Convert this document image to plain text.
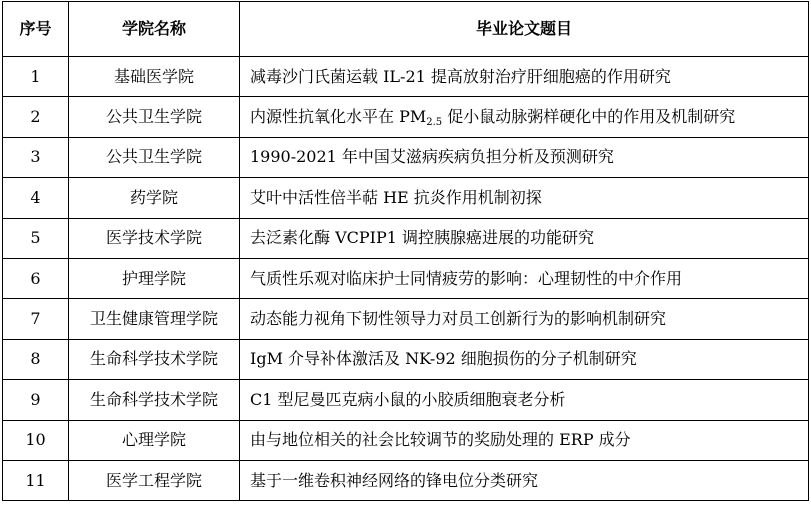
序号	学院名称	毕业论文题目
1	基础医学院	减毒沙门氏菌运载 IL-21 提高放射治疗肝细胞癌的作用研究
2	公共卫生学院	内源性抗氧化水平在 $PM_{2.5}$ 促小鼠动脉粥样硬化中的作用及机制研究
3	公共卫生学院	1990-2021 年中国艾滋病疾病负担分析及预测研究
4	药学院	艾叶中活性倍半萜 HE 抗炎作用机制初探
5	医学技术学院	去泛素化酶 VCPIP1 调控胰腺癌进展的功能研究
6	护理学院	气质性乐观对临床护士同情疲劳的影响：心理韧性的中介作用
7	卫生健康管理学院	动态能力视角下韧性领导力对员工创新行为的影响机制研究
8	生命科学技术学院	IgM 介导补体激活及 NK-92 细胞损伤的分子机制研究
9	生命科学技术学院	C1 型尼曼匹克病小鼠的小胶质细胞衰老分析
10	心理学院	由与地位相关的社会比较调节的奖励处理的 ERP 成分
11	医学工程学院	基于一维卷积神经网络的锋电位分类研究
